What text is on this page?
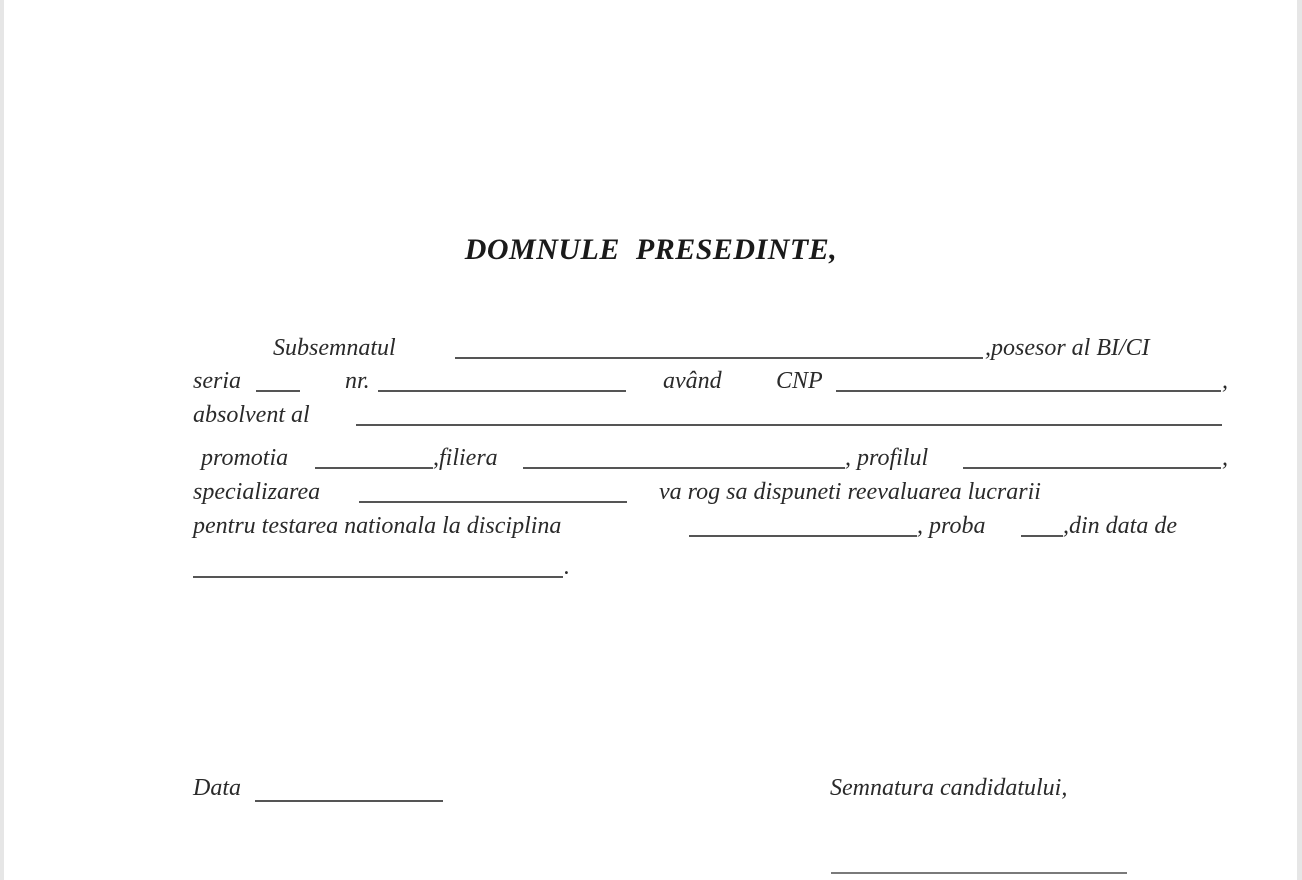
DOMNULE PRESEDINTE,
Subsemnatul	,posesor al BI/CI
seria	nr.	având CNP	,
absolvent al
promotia	,filiera	, profilul	,
specializarea	va rog sa dispuneti reevaluarea lucrarii
pentru testarea nationala la disciplina	, proba	,din data de
.
Data	Semnatura candidatului,
